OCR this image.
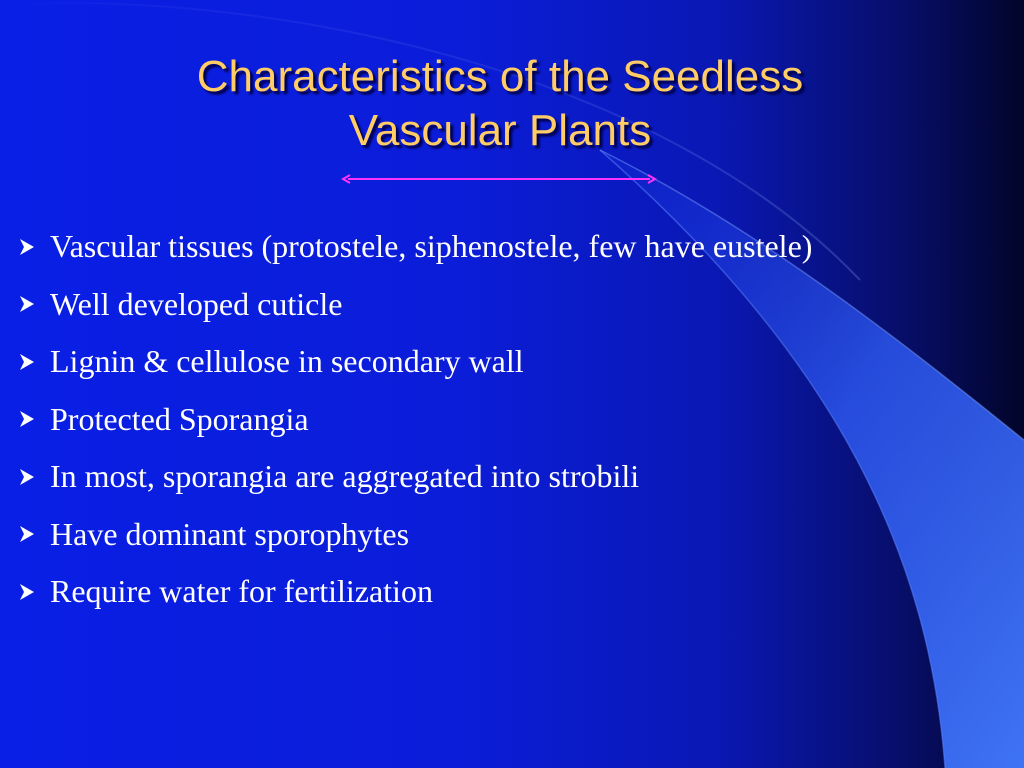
Characteristics of the Seedless
Vascular Plants
Vascular tissues (protostele, siphenostele, few have eustele)
Well developed cuticle
Lignin & cellulose in secondary wall
Protected Sporangia
In most, sporangia are aggregated into strobili
Have dominant sporophytes
Require water for fertilization
